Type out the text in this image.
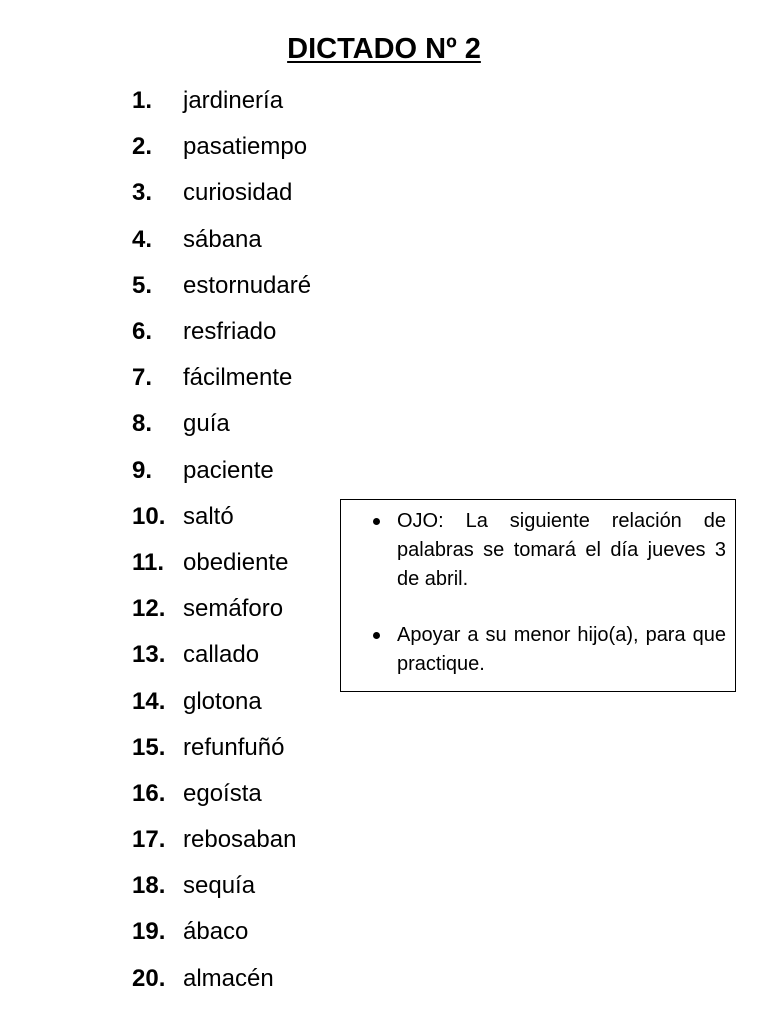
DICTADO Nº 2
1.	jardinería
2.	pasatiempo
3.	curiosidad
4.	sábana
5.	estornudaré
6.	resfriado
7.	fácilmente
8.	guía
9.	paciente
10. saltó
11. obediente
12. semáforo
13. callado
14. glotona
15. refunfuñó
16. egoísta
17. rebosaban
18. sequía
19. ábaco
20. almacén
OJO: La siguiente relación de palabras se tomará el día jueves 3 de abril.
Apoyar a su menor hijo(a), para que practique.
